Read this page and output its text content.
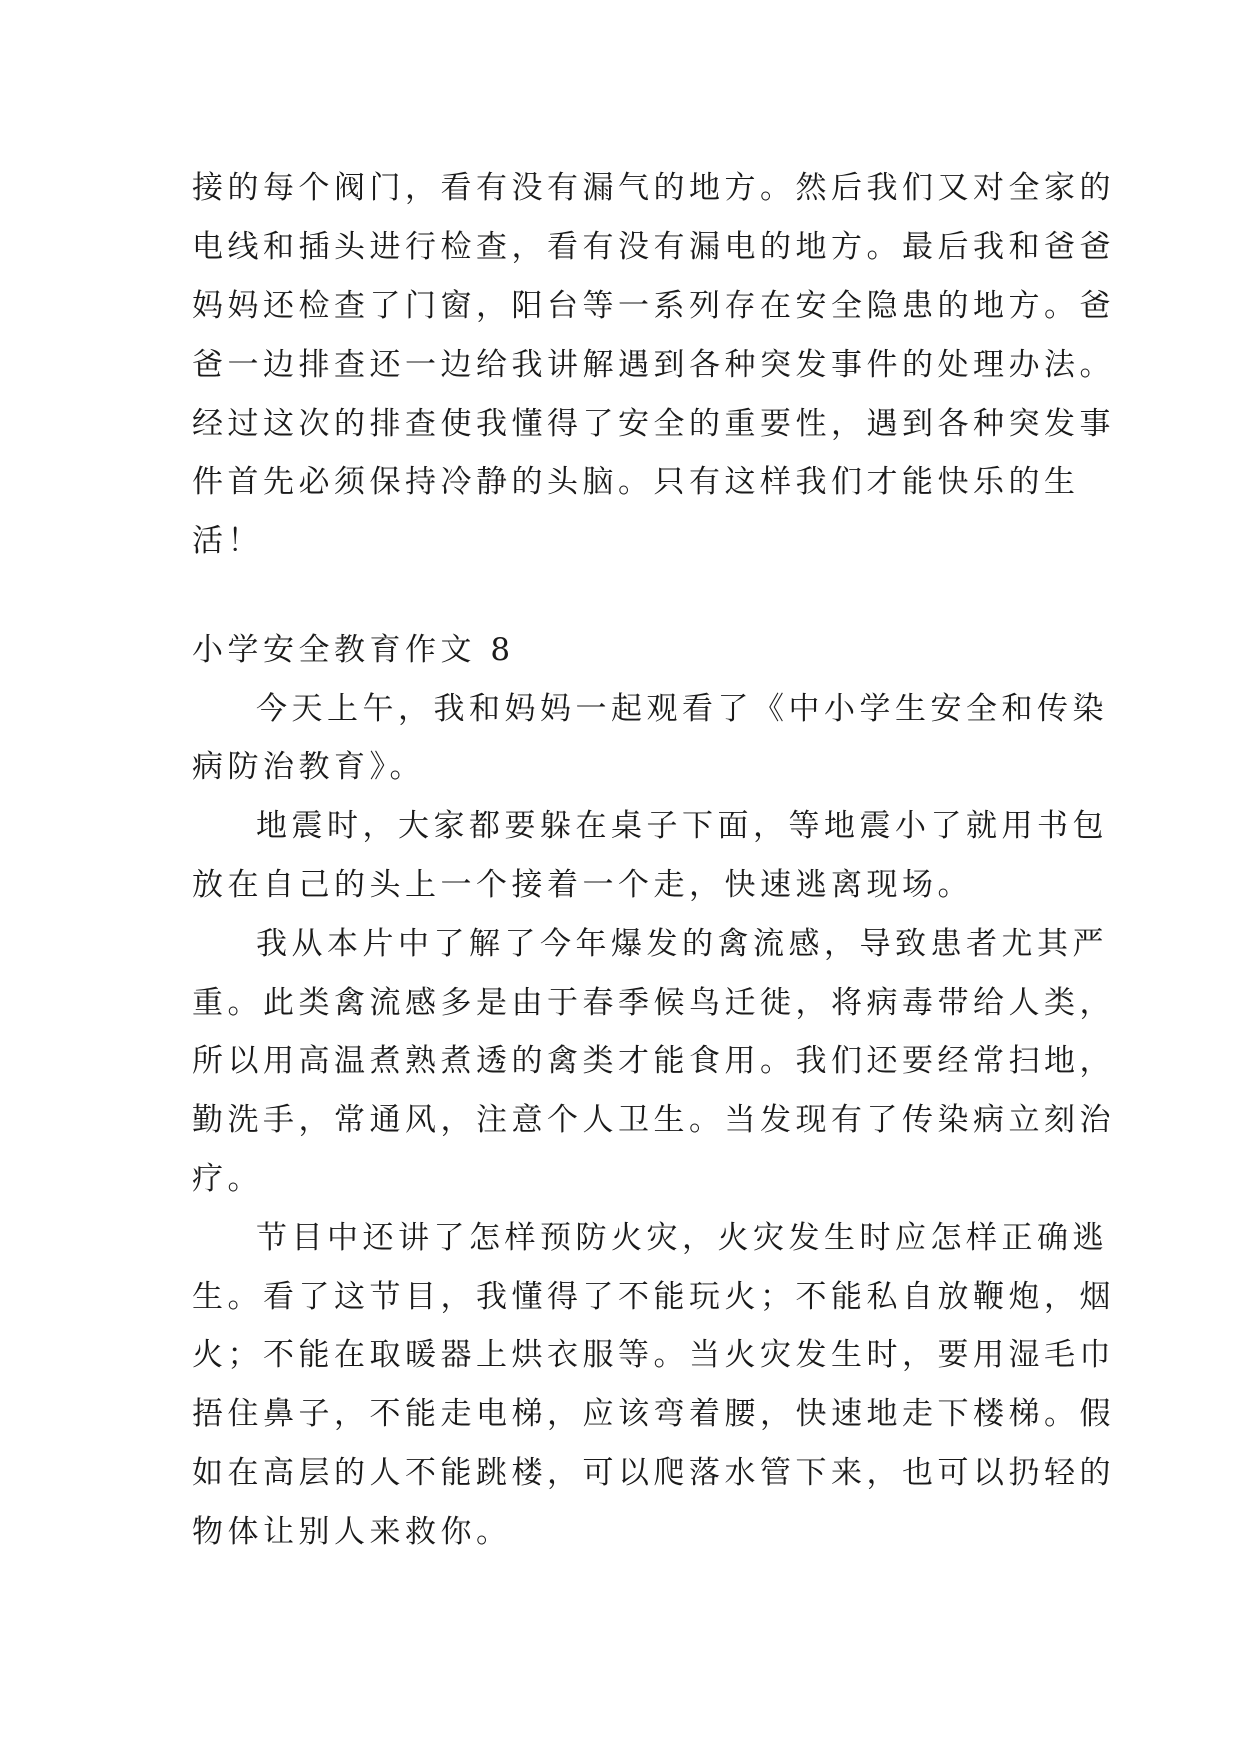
接的每个阀门，看有没有漏气的地方。然后我们又对全家的
电线和插头进行检查，看有没有漏电的地方。最后我和爸爸
妈妈还检查了门窗，阳台等一系列存在安全隐患的地方。爸
爸一边排查还一边给我讲解遇到各种突发事件的处理办法。
经过这次的排查使我懂得了安全的重要性，遇到各种突发事
件首先必须保持冷静的头脑。只有这样我们才能快乐的生
活！
小学安全教育作文 8
今天上午，我和妈妈一起观看了《中小学生安全和传染
病防治教育》。
地震时，大家都要躲在桌子下面，等地震小了就用书包
放在自己的头上一个接着一个走，快速逃离现场。
我从本片中了解了今年爆发的禽流感，导致患者尤其严
重。此类禽流感多是由于春季候鸟迁徙，将病毒带给人类，
所以用高温煮熟煮透的禽类才能食用。我们还要经常扫地，
勤洗手，常通风，注意个人卫生。当发现有了传染病立刻治
疗。
节目中还讲了怎样预防火灾，火灾发生时应怎样正确逃
生。看了这节目，我懂得了不能玩火；不能私自放鞭炮，烟
火；不能在取暖器上烘衣服等。当火灾发生时，要用湿毛巾
捂住鼻子，不能走电梯，应该弯着腰，快速地走下楼梯。假
如在高层的人不能跳楼，可以爬落水管下来，也可以扔轻的
物体让别人来救你。
